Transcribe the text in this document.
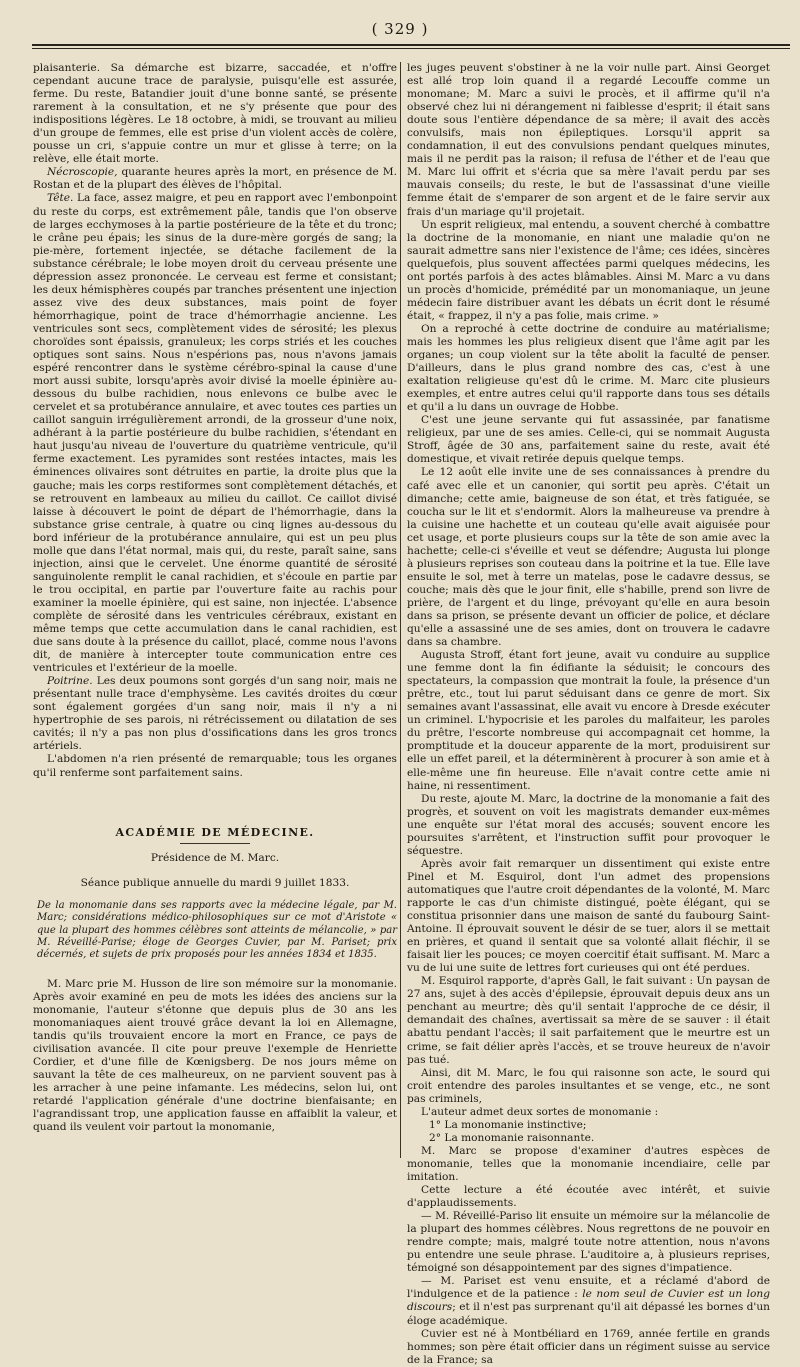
( 329 )

plaisanterie. Sa démarche est bizarre, saccadée, et n'offre cependant aucune trace de paralysie, puisqu'elle est assurée, ferme. Du reste, Batandier jouit d'une bonne santé, se présente rarement à la consultation, et ne s'y présente que pour des indispositions légères. Le 18 octobre, à midi, se trouvant au milieu d'un groupe de femmes, elle est prise d'un violent accès de colère, pousse un cri, s'appuie contre un mur et glisse à terre; on la relève, elle était morte.

Nécroscopie, quarante heures après la mort, en présence de M. Rostan et de la plupart des élèves de l'hôpital.

Tête. La face, assez maigre, et peu en rapport avec l'embonpoint du reste du corps, est extrêmement pâle, tandis que l'on observe de larges ecchymoses à la partie postérieure de la tête et du tronc; le crâne peu épais; les sinus de la dure-mère gorgés de sang; la pie-mère, fortement injectée, se détache facilement de la substance cérébrale; le lobe moyen droit du cerveau présente une dépression assez prononcée. Le cerveau est ferme et consistant; les deux hémisphères coupés par tranches présentent une injection assez vive des deux substances, mais point de foyer hémorrhagique, point de trace d'hémorrhagie ancienne. Les ventricules sont secs, complètement vides de sérosité; les plexus choroïdes sont épaissis, granuleux; les corps striés et les couches optiques sont sains. Nous n'espérions pas, nous n'avons jamais espéré rencontrer dans le système cérébro-spinal la cause d'une mort aussi subite, lorsqu'après avoir divisé la moelle épinière au-dessous du bulbe rachidien, nous enlevons ce bulbe avec le cervelet et sa protubérance annulaire, et avec toutes ces parties un caillot sanguin irrégulièrement arrondi, de la grosseur d'une noix, adhérant à la partie postérieure du bulbe rachidien, s'étendant en haut jusqu'au niveau de l'ouverture du quatrième ventricule, qu'il ferme exactement. Les pyramides sont restées intactes, mais les éminences olivaires sont détruites en partie, la droite plus que la gauche; mais les corps restiformes sont complètement détachés, et se retrouvent en lambeaux au milieu du caillot. Ce caillot divisé laisse à découvert le point de départ de l'hémorrhagie, dans la substance grise centrale, à quatre ou cinq lignes au-dessous du bord inférieur de la protubérance annulaire, qui est un peu plus molle que dans l'état normal, mais qui, du reste, paraît saine, sans injection, ainsi que le cervelet. Une énorme quantité de sérosité sanguinolente remplit le canal rachidien, et s'écoule en partie par le trou occipital, en partie par l'ouverture faite au rachis pour examiner la moelle épinière, qui est saine, non injectée. L'absence complète de sérosité dans les ventricules cérébraux, existant en même temps que cette accumulation dans le canal rachidien, est due sans doute à la présence du caillot, placé, comme nous l'avons dit, de manière à intercepter toute communication entre ces ventricules et l'extérieur de la moelle.

Poitrine. Les deux poumons sont gorgés d'un sang noir, mais ne présentant nulle trace d'emphysème. Les cavités droites du cœur sont également gorgées d'un sang noir, mais il n'y a ni hypertrophie de ses parois, ni rétrécissement ou dilatation de ses cavités; il n'y a pas non plus d'ossifications dans les gros troncs artériels.

L'abdomen n'a rien présenté de remarquable; tous les organes qu'il renferme sont parfaitement sains.

ACADÉMIE DE MÉDECINE.
Présidence de M. Marc.
Séance publique annuelle du mardi 9 juillet 1833.

De la monomanie dans ses rapports avec la médecine légale, par M. Marc; considérations médico-philosophiques sur ce mot d'Aristote « que la plupart des hommes célèbres sont atteints de mélancolie, » par M. Réveillé-Parise; éloge de Georges Cuvier, par M. Pariset; prix décernés, et sujets de prix proposés pour les années 1834 et 1835.

M. Marc prie M. Husson de lire son mémoire sur la monomanie. Après avoir examiné en peu de mots les idées des anciens sur la monomanie, l'auteur s'étonne que depuis plus de 30 ans les monomaniaques aient trouvé grâce devant la loi en Allemagne, tandis qu'ils trouvaient encore la mort en France, ce pays de civilisation avancée. Il cite pour preuve l'exemple de Henriette Cordier, et d'une fille de Kœnigsberg. De nos jours même on sauvant la tête de ces malheureux, on ne parvient souvent pas à les arracher à une peine infamante. Les médecins, selon lui, ont retardé l'application générale d'une doctrine bienfaisante; en l'agrandissant trop, une application fausse en affaiblit la valeur, et quand ils veulent voir partout la monomanie,

les juges peuvent s'obstiner à ne la voir nulle part. Ainsi Georget est allé trop loin quand il a regardé Lecouffe comme un monomane; M. Marc a suivi le procès, et il affirme qu'il n'a observé chez lui ni dérangement ni faiblesse d'esprit; il était sans doute sous l'entière dépendance de sa mère; il avait des accès convulsifs, mais non épileptiques. Lorsqu'il apprit sa condamnation, il eut des convulsions pendant quelques minutes, mais il ne perdit pas la raison; il refusa de l'éther et de l'eau que M. Marc lui offrit et s'écria que sa mère l'avait perdu par ses mauvais conseils; du reste, le but de l'assassinat d'une vieille femme était de s'emparer de son argent et de le faire servir aux frais d'un mariage qu'il projetait.

Un esprit religieux, mal entendu, a souvent cherché à combattre la doctrine de la monomanie, en niant une maladie qu'on ne saurait admettre sans nier l'existence de l'âme; ces idées, sincères quelquefois, plus souvent affectées parmi quelques médecins, les ont portés parfois à des actes blâmables. Ainsi M. Marc a vu dans un procès d'homicide, prémédité par un monomaniaque, un jeune médecin faire distribuer avant les débats un écrit dont le résumé était, « frappez, il n'y a pas folie, mais crime. »

On a reproché à cette doctrine de conduire au matérialisme; mais les hommes les plus religieux disent que l'âme agit par les organes; un coup violent sur la tête abolit la faculté de penser. D'ailleurs, dans le plus grand nombre des cas, c'est à une exaltation religieuse qu'est dû le crime. M. Marc cite plusieurs exemples, et entre autres celui qu'il rapporte dans tous ses détails et qu'il a lu dans un ouvrage de Hobbe.

C'est une jeune servante qui fut assassinée, par fanatisme religieux, par une de ses amies. Celle-ci, qui se nommait Augusta Stroff, âgée de 30 ans, parfaitement saine du reste, avait été domestique, et vivait retirée depuis quelque temps.

Le 12 août elle invite une de ses connaissances à prendre du café avec elle et un canonier, qui sortit peu après. C'était un dimanche; cette amie, baigneuse de son état, et très fatiguée, se coucha sur le lit et s'endormit. Alors la malheureuse va prendre à la cuisine une hachette et un couteau qu'elle avait aiguisée pour cet usage, et porte plusieurs coups sur la tête de son amie avec la hachette; celle-ci s'éveille et veut se défendre; Augusta lui plonge à plusieurs reprises son couteau dans la poitrine et la tue. Elle lave ensuite le sol, met à terre un matelas, pose le cadavre dessus, se couche; mais dès que le jour finit, elle s'habille, prend son livre de prière, de l'argent et du linge, prévoyant qu'elle en aura besoin dans sa prison, se présente devant un officier de police, et déclare qu'elle a assassiné une de ses amies, dont on trouvera le cadavre dans sa chambre.

Augusta Stroff, étant fort jeune, avait vu conduire au supplice une femme dont la fin édifiante la séduisit; le concours des spectateurs, la compassion que montrait la foule, la présence d'un prêtre, etc., tout lui parut séduisant dans ce genre de mort. Six semaines avant l'assassinat, elle avait vu encore à Dresde exécuter un criminel. L'hypocrisie et les paroles du malfaiteur, les paroles du prêtre, l'escorte nombreuse qui accompagnait cet homme, la promptitude et la douceur apparente de la mort, produisirent sur elle un effet pareil, et la déterminèrent à procurer à son amie et à elle-même une fin heureuse. Elle n'avait contre cette amie ni haine, ni ressentiment.

Du reste, ajoute M. Marc, la doctrine de la monomanie a fait des progrès, et souvent on voit les magistrats demander eux-mêmes une enquête sur l'état moral des accusés; souvent encore les poursuites s'arrêtent, et l'instruction suffit pour provoquer le séquestre.

Après avoir fait remarquer un dissentiment qui existe entre Pinel et M. Esquirol, dont l'un admet des propensions automatiques que l'autre croit dépendantes de la volonté, M. Marc rapporte le cas d'un chimiste distingué, poète élégant, qui se constitua prisonnier dans une maison de santé du faubourg Saint-Antoine. Il éprouvait souvent le désir de se tuer, alors il se mettait en prières, et quand il sentait que sa volonté allait fléchir, il se faisait lier les pouces; ce moyen coercitif était suffisant. M. Marc a vu de lui une suite de lettres fort curieuses qui ont été perdues.

M. Esquirol rapporte, d'après Gall, le fait suivant : Un paysan de 27 ans, sujet à des accès d'épilepsie, éprouvait depuis deux ans un penchant au meurtre; dès qu'il sentait l'approche de ce désir, il demandait des chaînes, avertissait sa mère de se sauver : il était abattu pendant l'accès; il sait parfaitement que le meurtre est un crime, se fait délier après l'accès, et se trouve heureux de n'avoir pas tué.

Ainsi, dit M. Marc, le fou qui raisonne son acte, le sourd qui croit entendre des paroles insultantes et se venge, etc., ne sont pas criminels,

L'auteur admet deux sortes de monomanie :

1° La monomanie instinctive;

2° La monomanie raisonnante.

M. Marc se propose d'examiner d'autres espèces de monomanie, telles que la monomanie incendiaire, celle par imitation.

Cette lecture a été écoutée avec intérêt, et suivie d'applaudissements.

— M. Réveillé-Pariso lit ensuite un mémoire sur la mélancolie de la plupart des hommes célèbres. Nous regrettons de ne pouvoir en rendre compte; mais, malgré toute notre attention, nous n'avons pu entendre une seule phrase. L'auditoire a, à plusieurs reprises, témoigné son désappointement par des signes d'impatience.

— M. Pariset est venu ensuite, et a réclamé d'abord de l'indulgence et de la patience : le nom seul de Cuvier est un long discours; et il n'est pas surprenant qu'il ait dépassé les bornes d'un éloge académique.

Cuvier est né à Montbéliard en 1769, année fertile en grands hommes; son père était officier dans un régiment suisse au service de la France; sa
